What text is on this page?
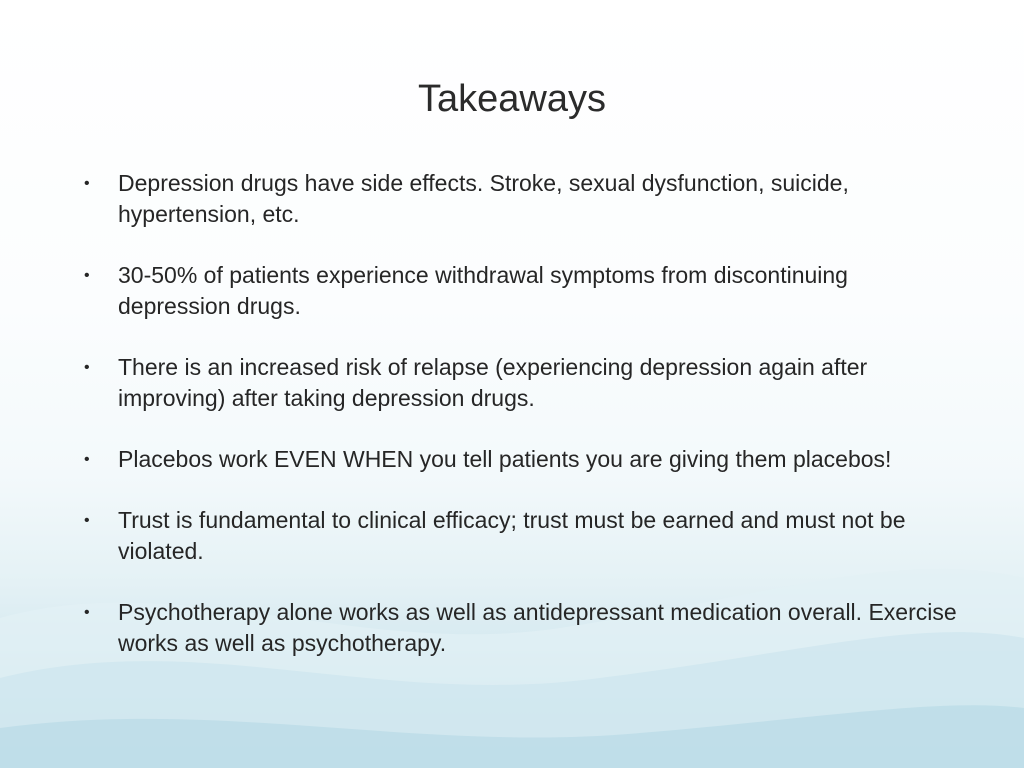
Takeaways
• Depression drugs have side effects. Stroke, sexual dysfunction, suicide, hypertension, etc.
• 30-50% of patients experience withdrawal symptoms from discontinuing depression drugs.
• There is an increased risk of relapse (experiencing depression again after improving) after taking depression drugs.
• Placebos work EVEN WHEN you tell patients you are giving them placebos!
• Trust is fundamental to clinical efficacy; trust must be earned and must not be violated.
• Psychotherapy alone works as well as antidepressant medication overall. Exercise works as well as psychotherapy.
